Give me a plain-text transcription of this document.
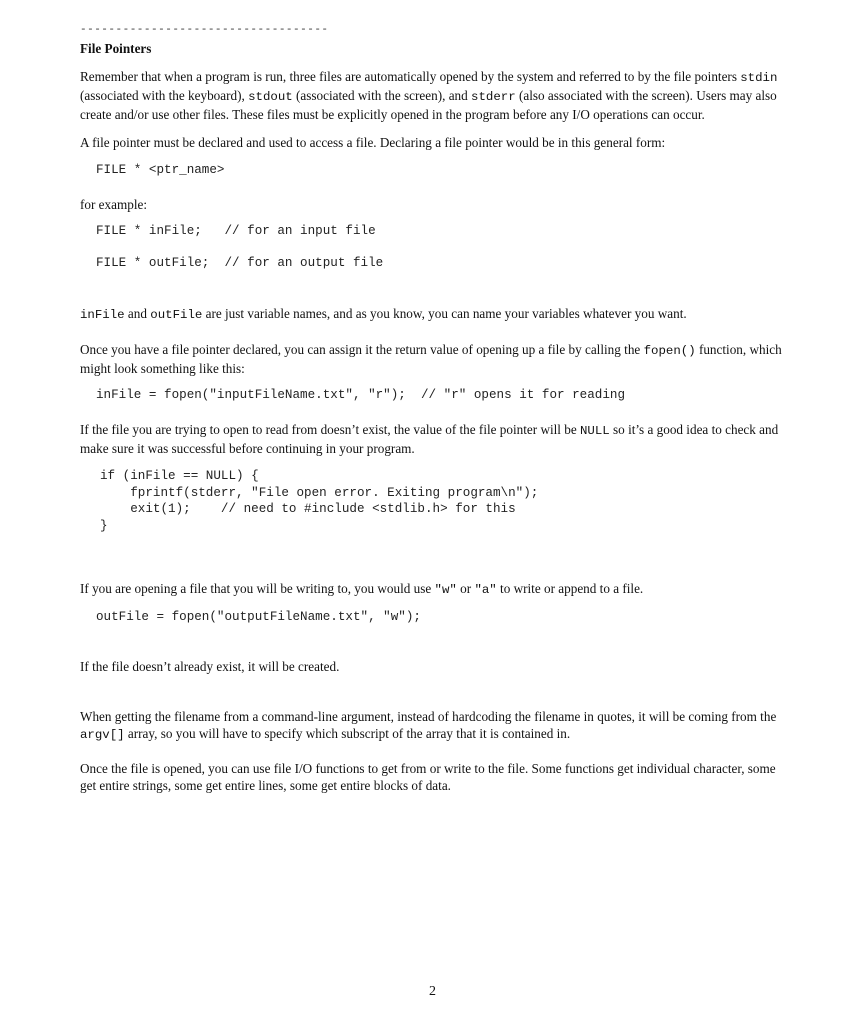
-----------------------------------
File Pointers

Remember that when a program is run, three files are automatically opened by the system and referred to by the file pointers stdin (associated with the keyboard), stdout (associated with the screen), and stderr (also associated with the screen). Users may also create and/or use other files. These files must be explicitly opened in the program before any I/O operations can occur.

A file pointer must be declared and used to access a file. Declaring a file pointer would be in this general form:

FILE * <ptr_name>

for example:

FILE * inFile;   // for an input file
FILE * outFile;  // for an output file

inFile and outFile are just variable names, and as you know, you can name your variables whatever you want.

Once you have a file pointer declared, you can assign it the return value of opening up a file by calling the fopen() function, which might look something like this:

inFile = fopen("inputFileName.txt", "r");  // "r" opens it for reading

If the file you are trying to open to read from doesn’t exist, the value of the file pointer will be NULL so it’s a good idea to check and make sure it was successful before continuing in your program.

if (inFile == NULL) {
fprintf(stderr, "File open error. Exiting program\n");
exit(1);    // need to #include <stdlib.h> for this
}

If you are opening a file that you will be writing to, you would use "w" or "a" to write or append to a file.

outFile = fopen("outputFileName.txt", "w");

If the file doesn’t already exist, it will be created.

When getting the filename from a command-line argument, instead of hardcoding the filename in quotes, it will be coming from the argv[] array, so you will have to specify which subscript of the array that it is contained in.

Once the file is opened, you can use file I/O functions to get from or write to the file. Some functions get individual character, some get entire strings, some get entire lines, some get entire blocks of data.

2
